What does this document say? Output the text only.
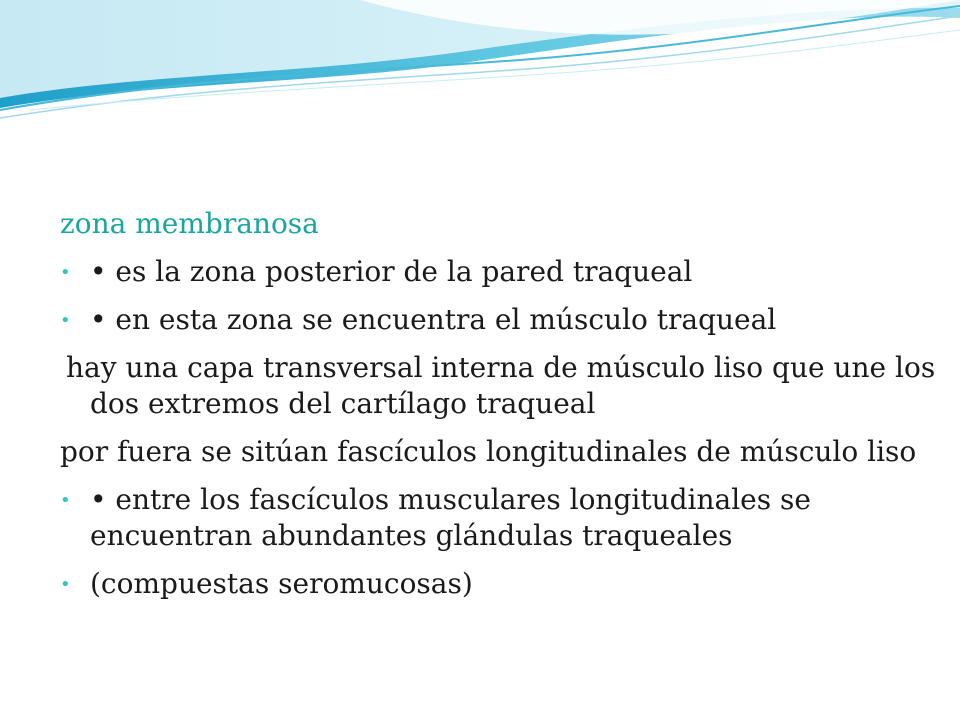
zona membranosa

• • es la zona posterior de la pared traqueal

• • en esta zona se encuentra el músculo traqueal

hay una capa transversal interna de músculo liso que une los dos extremos del cartílago traqueal

por fuera se sitúan fascículos longitudinales de músculo liso

• • entre los fascículos musculares longitudinales se encuentran abundantes glándulas traqueales

• (compuestas seromucosas)
